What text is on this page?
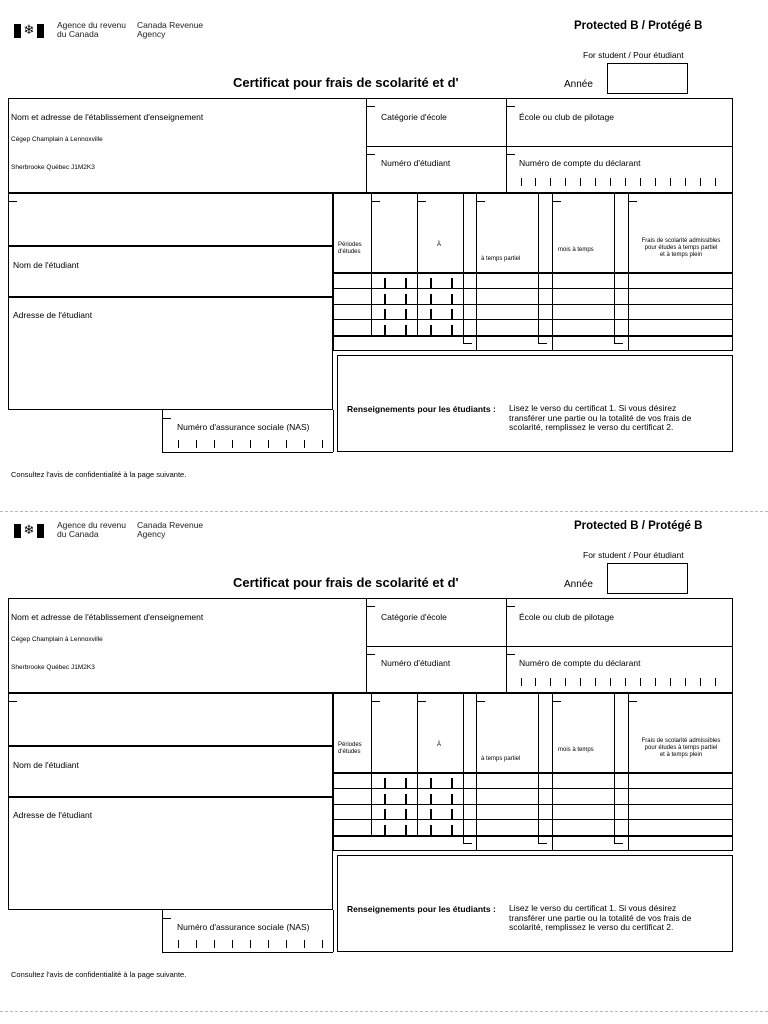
❄	Agence du revenu
du Canada
Canada Revenue
Agency
Protected B / Protégé B
For student / Pour étudiant
Certificat pour frais de scolarité et d'	Année
Nom et adresse de l'établissement d'enseignement
Cégep Champlain à Lennoxville
Sherbrooke Québec J1M2K3
Catégorie d'école	École ou club de pilotage
Numéro d'étudiant	Numéro de compte du déclarant
Nom de l'étudiant
Adresse de l'étudiant
Numéro d'assurance sociale (NAS)
Périodes
d'études
À
à temps partiel
mois à temps
Frais de scolarité admissibles
pour études à temps partiel
et à temps plein
Renseignements pour les étudiants : Lisez le verso du certificat 1. Si vous désirez
transférer une partie ou la totalité de vos frais de
scolarité, remplissez le verso du certificat 2.
Consultez l'avis de confidentialité à la page suivante.
❄	Agence du revenu
du Canada
Canada Revenue
Agency
Protected B / Protégé B
For student / Pour étudiant
Certificat pour frais de scolarité et d'	Année
Nom et adresse de l'établissement d'enseignement
Cégep Champlain à Lennoxville
Sherbrooke Québec J1M2K3
Catégorie d'école	École ou club de pilotage
Numéro d'étudiant	Numéro de compte du déclarant
Nom de l'étudiant
Adresse de l'étudiant
Numéro d'assurance sociale (NAS)
Périodes
d'études
À
à temps partiel
mois à temps
Frais de scolarité admissibles
pour études à temps partiel
et à temps plein
Renseignements pour les étudiants : Lisez le verso du certificat 1. Si vous désirez
transférer une partie ou la totalité de vos frais de
scolarité, remplissez le verso du certificat 2.
Consultez l'avis de confidentialité à la page suivante.
